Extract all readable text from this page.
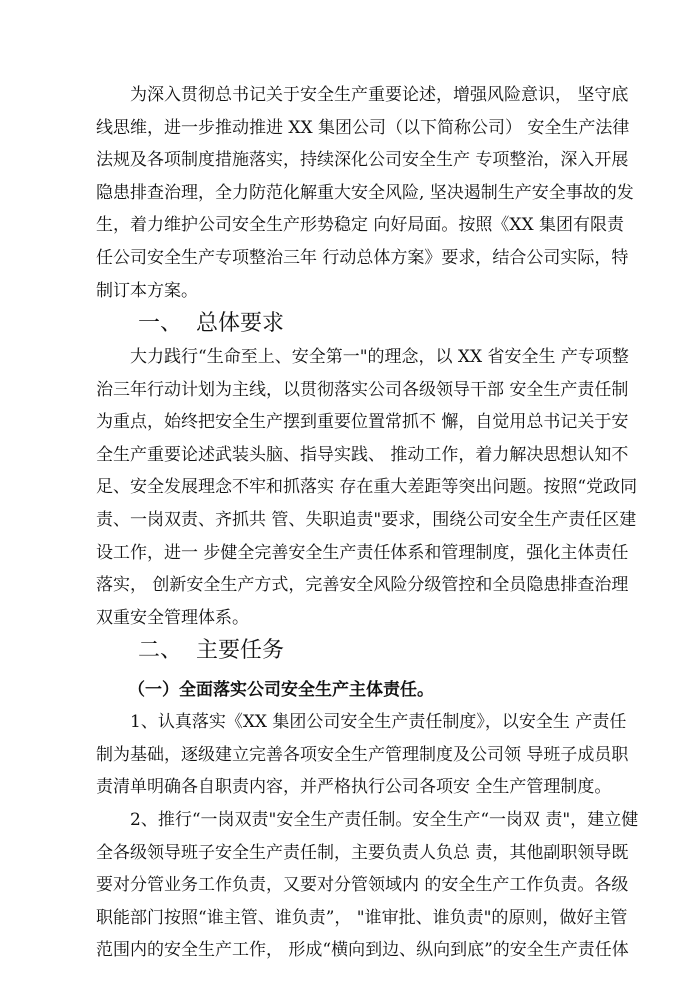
为深入贯彻总书记关于安全生产重要论述，增强风险意识， 坚守底
线思维，进一步推动推进 XX 集团公司（以下简称公司） 安全生产法律
法规及各项制度措施落实，持续深化公司安全生产 专项整治，深入开展
隐患排查治理，全力防范化解重大安全风险, 坚决遏制生产安全事故的发
生，着力维护公司安全生产形势稳定 向好局面。按照《XX 集团有限责
任公司安全生产专项整治三年 行动总体方案》要求，结合公司实际，特
制订本方案。
一、 总体要求
大力践行“生命至上、安全第一"的理念，以 XX 省安全生 产专项整
治三年行动计划为主线，以贯彻落实公司各级领导干部 安全生产责任制
为重点，始终把安全生产摆到重要位置常抓不 懈，自觉用总书记关于安
全生产重要论述武装头脑、指导实践、 推动工作，着力解决思想认知不
足、安全发展理念不牢和抓落实 存在重大差距等突出问题。按照“党政同
责、一岗双责、齐抓共 管、失职追责"要求，围绕公司安全生产责任区建
设工作，进一 步健全完善安全生产责任体系和管理制度，强化主体责任
落实， 创新安全生产方式，完善安全风险分级管控和全员隐患排查治理
双重安全管理体系。
二、 主要任务
（一）全面落实公司安全生产主体责任。
1、认真落实《XX 集团公司安全生产责任制度》，以安全生 产责任
制为基础，逐级建立完善各项安全生产管理制度及公司领 导班子成员职
责清单明确各自职责内容，并严格执行公司各项安 全生产管理制度。
2、推行“一岗双责"安全生产责任制。安全生产“一岗双 责"，建立健
全各级领导班子安全生产责任制，主要负责人负总 责，其他副职领导既
要对分管业务工作负责，又要对分管领域内 的安全生产工作负责。各级
职能部门按照“谁主管、谁负责”， "谁审批、谁负责"的原则，做好主管
范围内的安全生产工作， 形成“横向到边、纵向到底”的安全生产责任体
